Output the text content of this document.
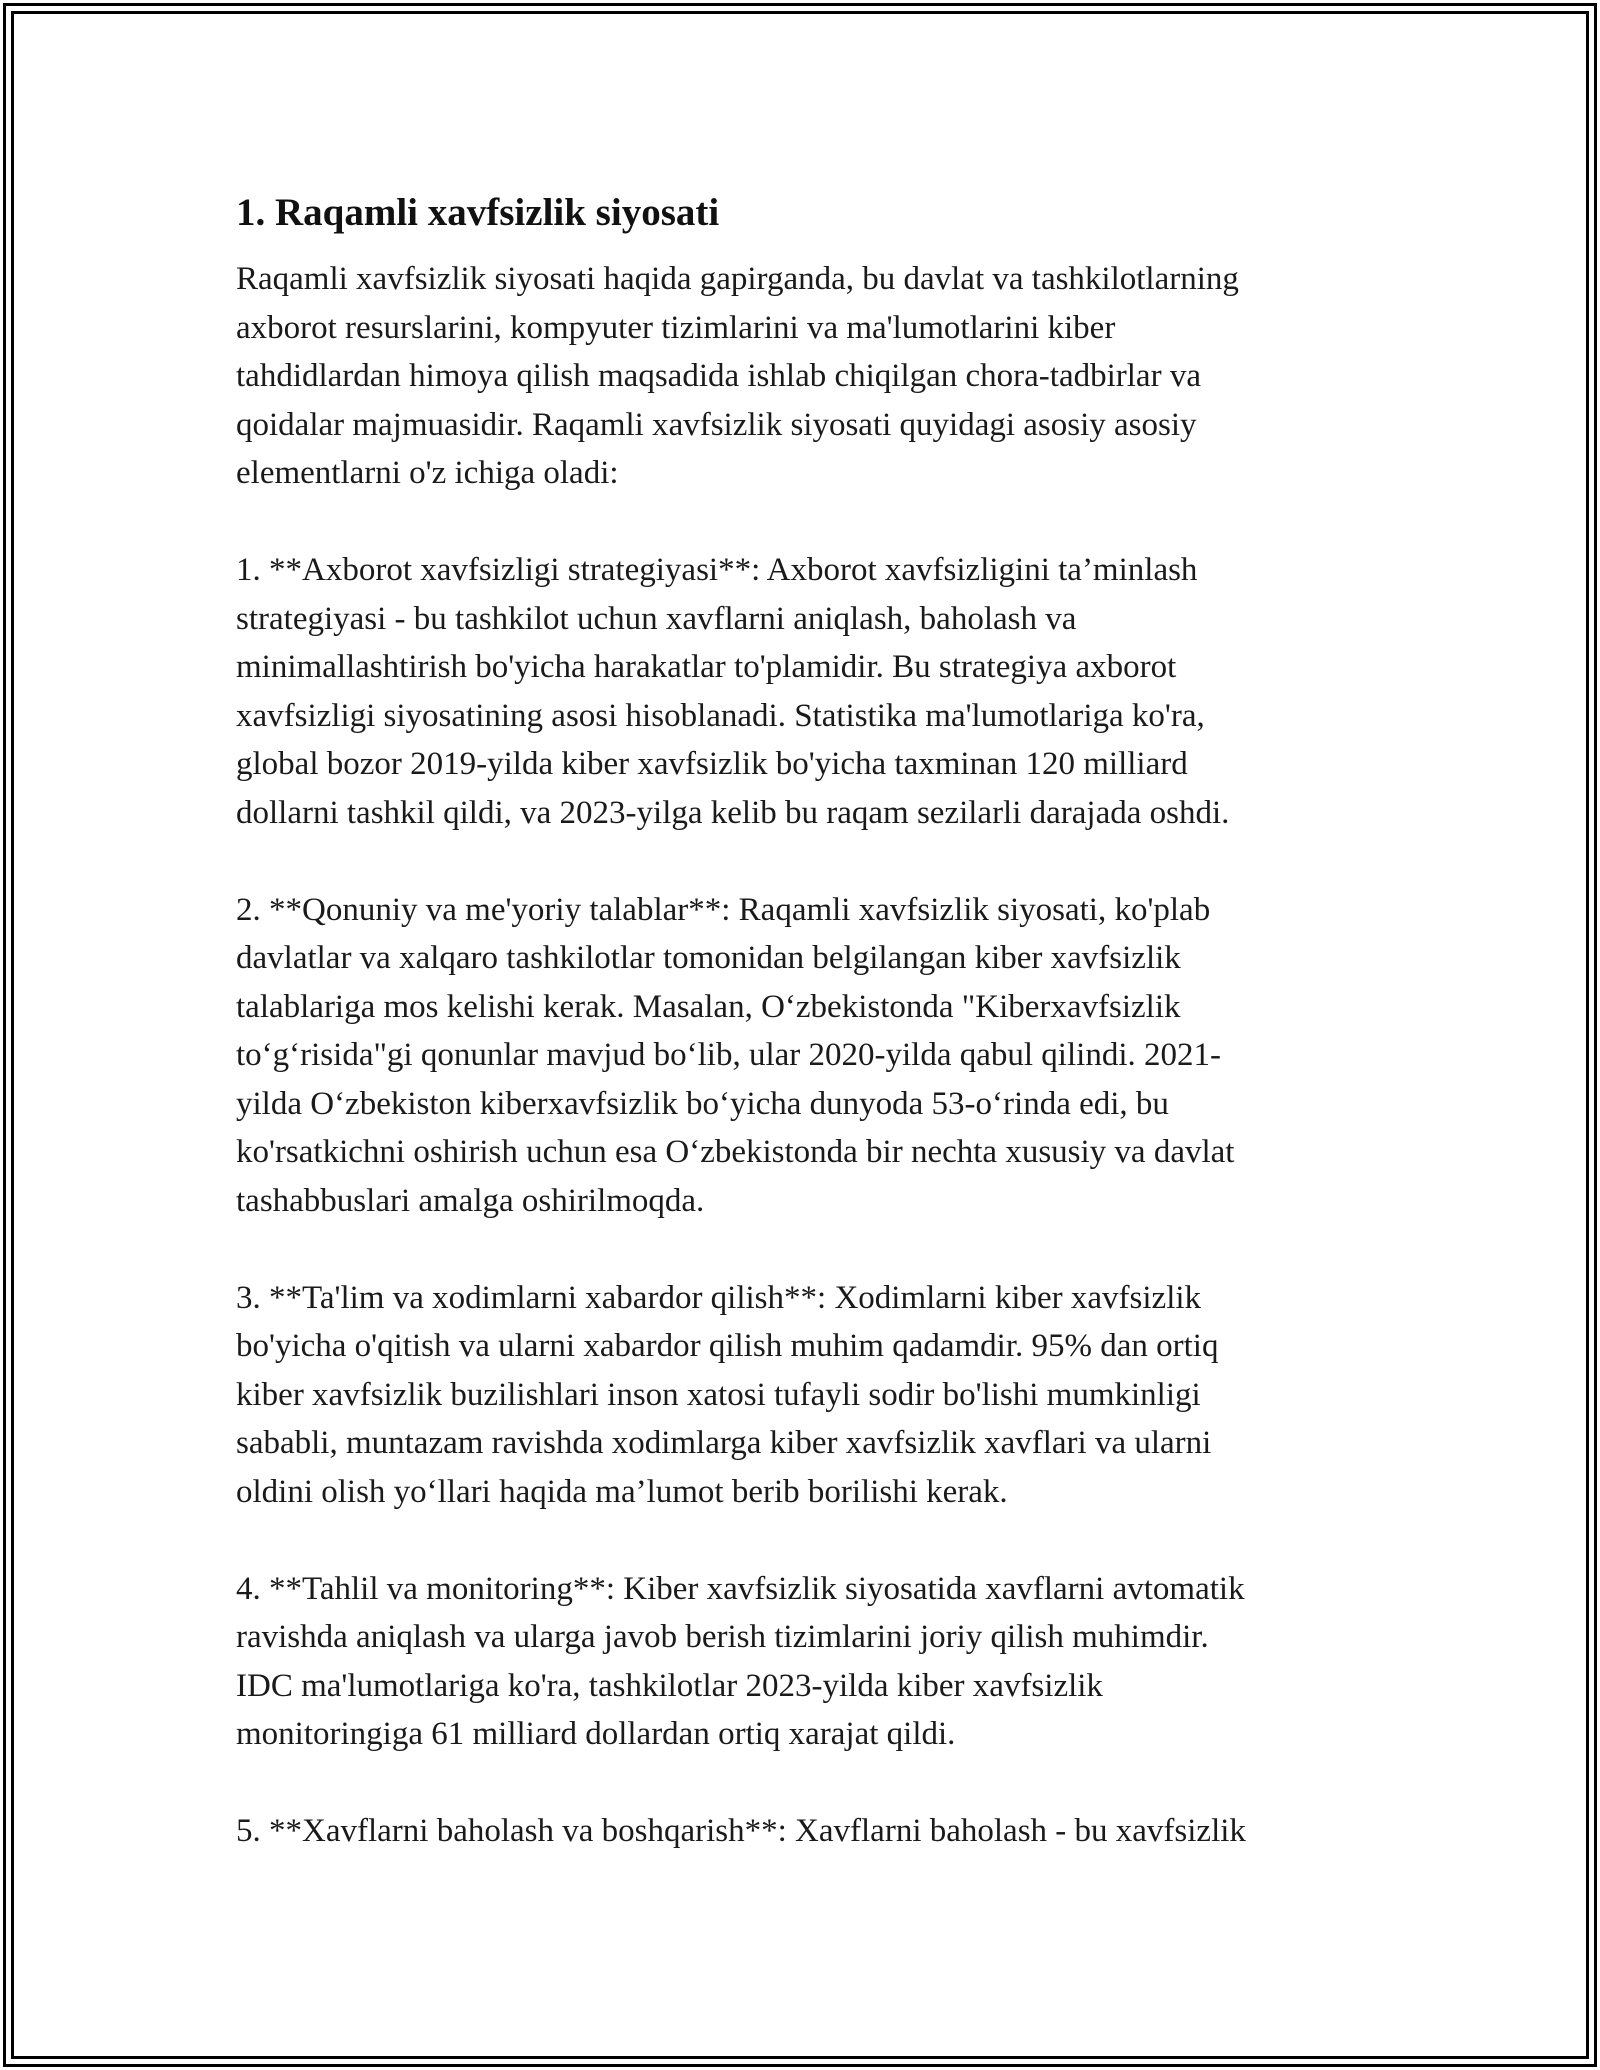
1. Raqamli xavfsizlik siyosati

Raqamli xavfsizlik siyosati haqida gapirganda, bu davlat va tashkilotlarning
axborot resurslarini, kompyuter tizimlarini va ma'lumotlarini kiber
tahdidlardan himoya qilish maqsadida ishlab chiqilgan chora-tadbirlar va
qoidalar majmuasidir. Raqamli xavfsizlik siyosati quyidagi asosiy asosiy
elementlarni o'z ichiga oladi:

1. **Axborot xavfsizligi strategiyasi**: Axborot xavfsizligini ta’minlash
strategiyasi - bu tashkilot uchun xavflarni aniqlash, baholash va
minimallashtirish bo'yicha harakatlar to'plamidir. Bu strategiya axborot
xavfsizligi siyosatining asosi hisoblanadi. Statistika ma'lumotlariga ko'ra,
global bozor 2019-yilda kiber xavfsizlik bo'yicha taxminan 120 milliard
dollarni tashkil qildi, va 2023-yilga kelib bu raqam sezilarli darajada oshdi.

2. **Qonuniy va me'yoriy talablar**: Raqamli xavfsizlik siyosati, ko'plab
davlatlar va xalqaro tashkilotlar tomonidan belgilangan kiber xavfsizlik
talablariga mos kelishi kerak. Masalan, O‘zbekistonda "Kiberxavfsizlik
to‘g‘risida"gi qonunlar mavjud bo‘lib, ular 2020-yilda qabul qilindi. 2021-
yilda O‘zbekiston kiberxavfsizlik bo‘yicha dunyoda 53-o‘rinda edi, bu
ko'rsatkichni oshirish uchun esa O‘zbekistonda bir nechta xususiy va davlat
tashabbuslari amalga oshirilmoqda.

3. **Ta'lim va xodimlarni xabardor qilish**: Xodimlarni kiber xavfsizlik
bo'yicha o'qitish va ularni xabardor qilish muhim qadamdir. 95% dan ortiq
kiber xavfsizlik buzilishlari inson xatosi tufayli sodir bo'lishi mumkinligi
sababli, muntazam ravishda xodimlarga kiber xavfsizlik xavflari va ularni
oldini olish yo‘llari haqida ma’lumot berib borilishi kerak.

4. **Tahlil va monitoring**: Kiber xavfsizlik siyosatida xavflarni avtomatik
ravishda aniqlash va ularga javob berish tizimlarini joriy qilish muhimdir.
IDC ma'lumotlariga ko'ra, tashkilotlar 2023-yilda kiber xavfsizlik
monitoringiga 61 milliard dollardan ortiq xarajat qildi.

5. **Xavflarni baholash va boshqarish**: Xavflarni baholash - bu xavfsizlik
